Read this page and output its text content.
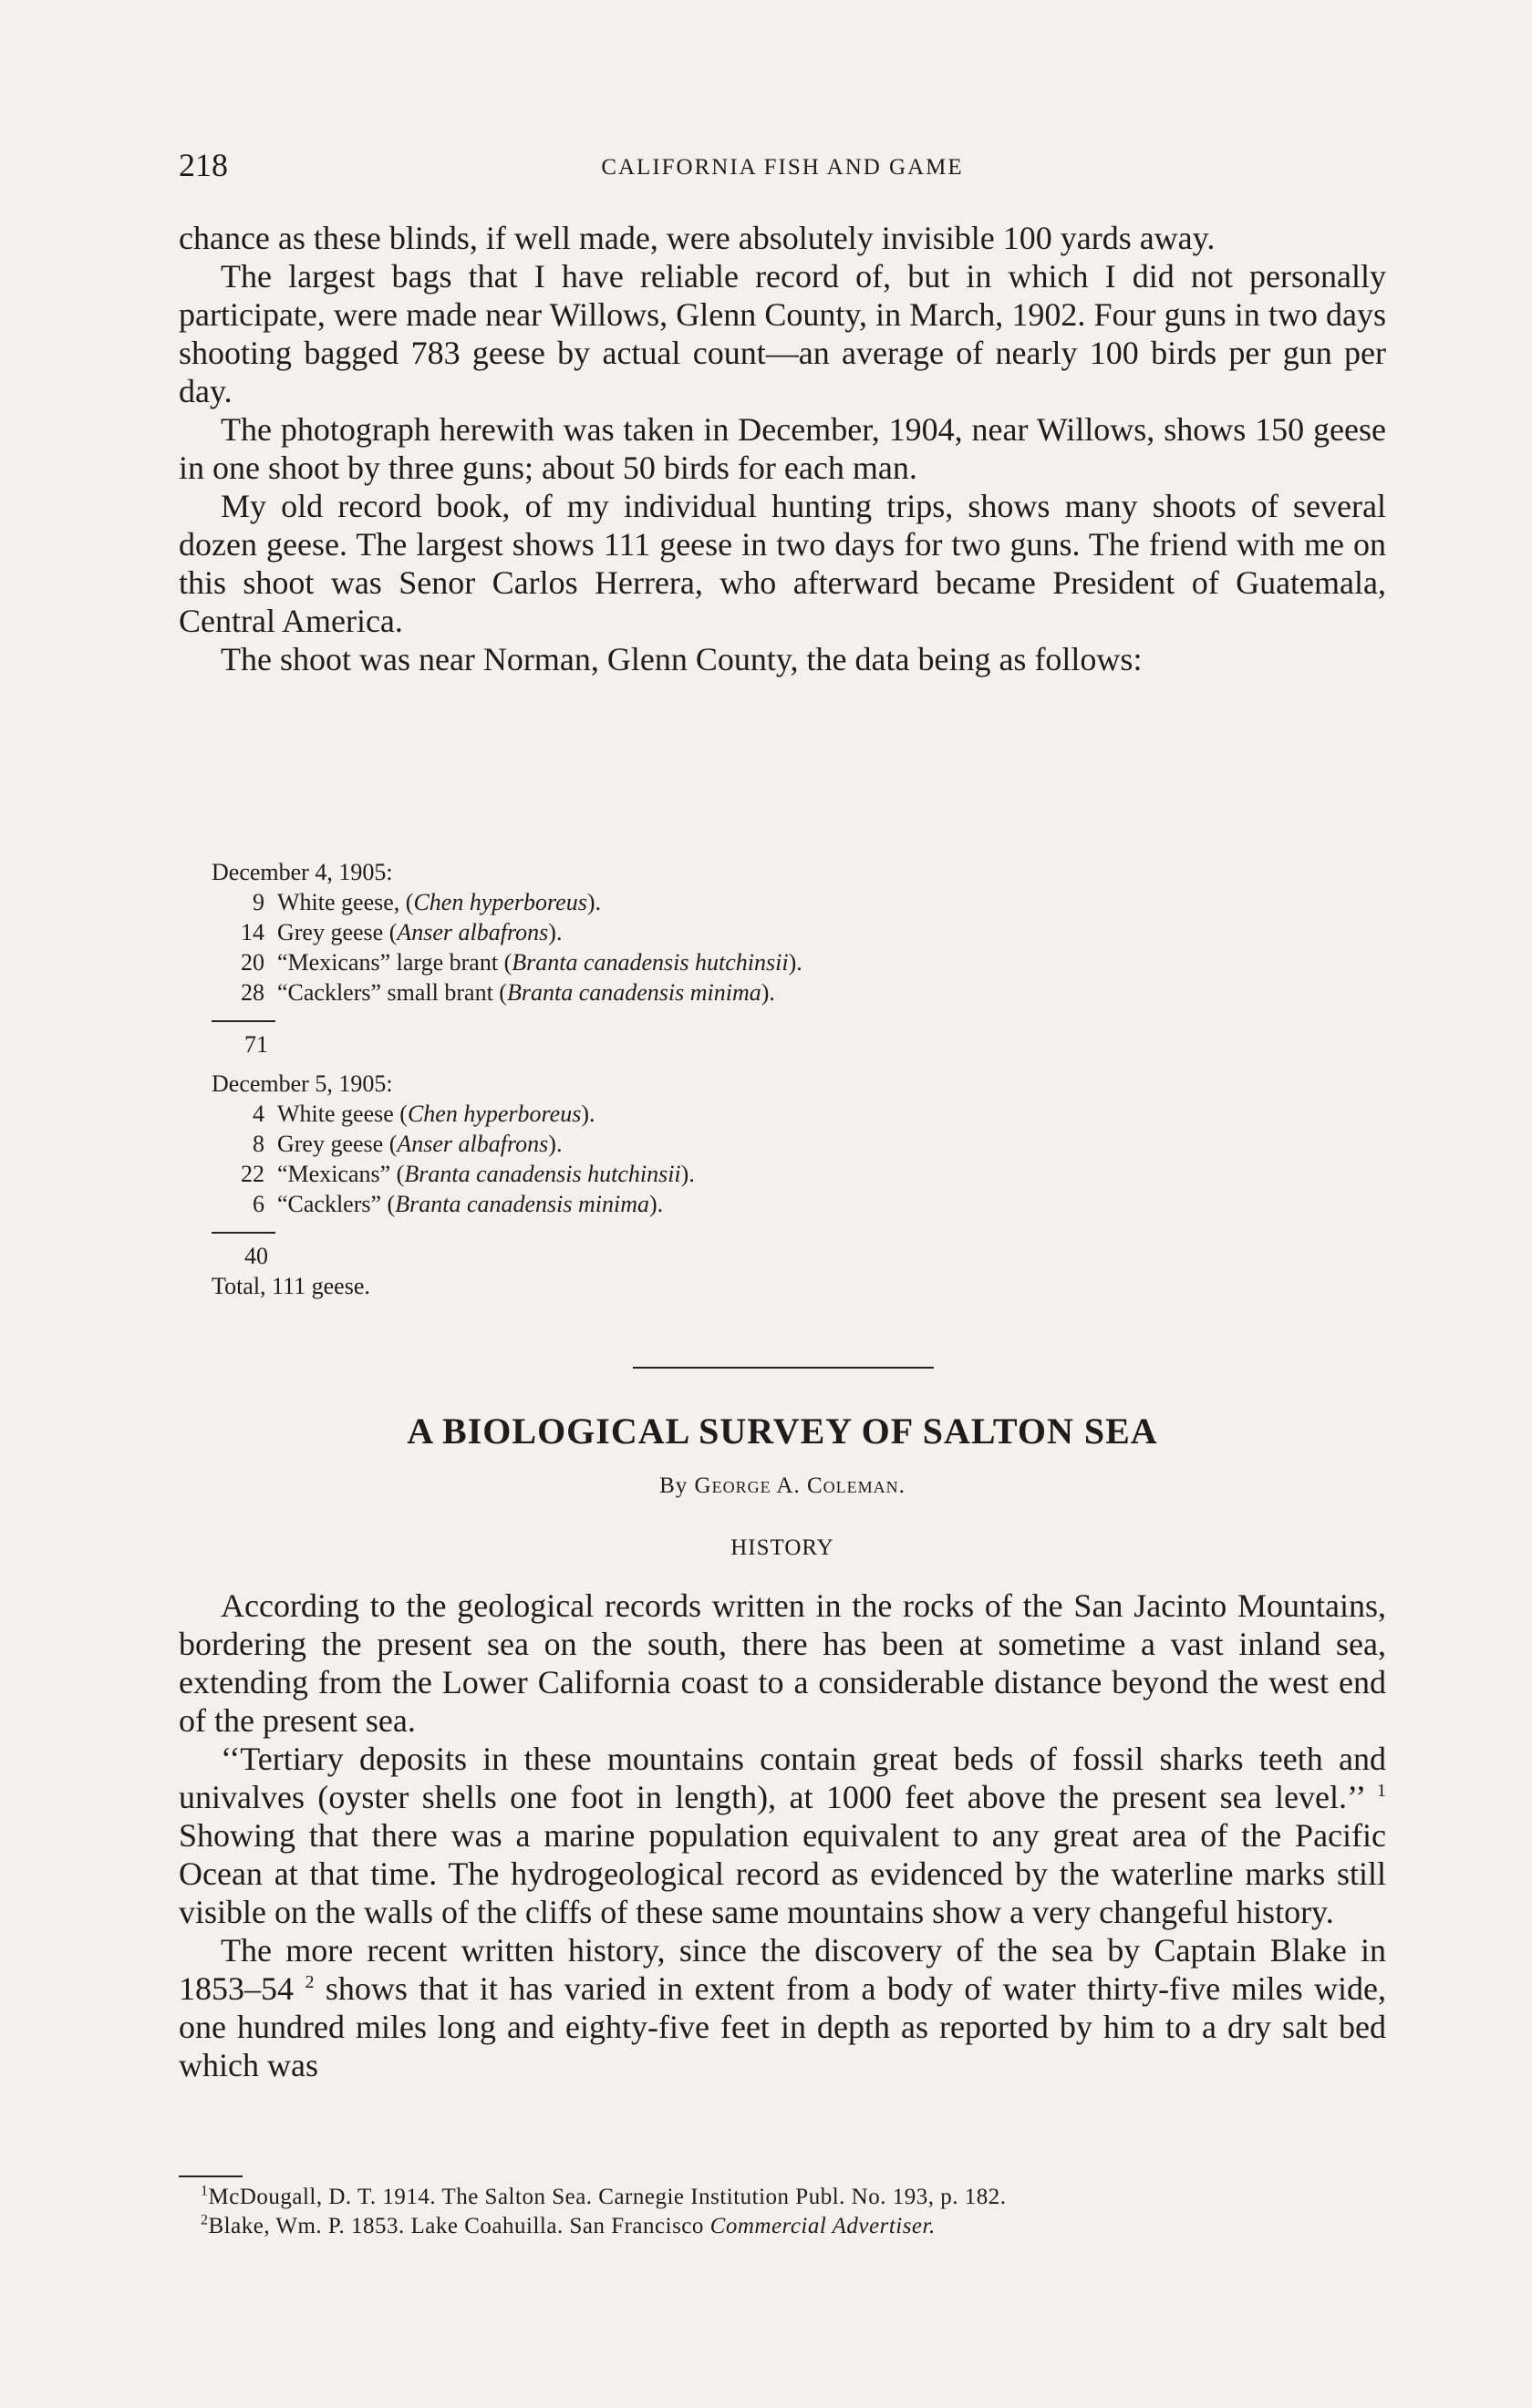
218	CALIFORNIA FISH AND GAME

chance as these blinds, if well made, were absolutely invisible 100 yards away.

The largest bags that I have reliable record of, but in which I did not personally participate, were made near Willows, Glenn County, in March, 1902. Four guns in two days shooting bagged 783 geese by actual count—an average of nearly 100 birds per gun per day.

The photograph herewith was taken in December, 1904, near Willows, shows 150 geese in one shoot by three guns; about 50 birds for each man.

My old record book, of my individual hunting trips, shows many shoots of several dozen geese. The largest shows 111 geese in two days for two guns. The friend with me on this shoot was Senor Carlos Herrera, who afterward became President of Guatemala, Central America.

The shoot was near Norman, Glenn County, the data being as follows:

December 4, 1905:

9 White geese, (Chen hyperboreus).

14 Grey geese (Anser albafrons).

20 “Mexicans” large brant (Branta canadensis hutchinsii).

28 “Cacklers” small brant (Branta canadensis minima).

71

December 5, 1905:

4 White geese (Chen hyperboreus).

8 Grey geese (Anser albafrons).

22 “Mexicans” (Branta canadensis hutchinsii).

6 “Cacklers” (Branta canadensis minima).

40

Total, 111 geese.

A BIOLOGICAL SURVEY OF SALTON SEA
By George A. Coleman.
HISTORY

According to the geological records written in the rocks of the San Jacinto Mountains, bordering the present sea on the south, there has been at sometime a vast inland sea, extending from the Lower California coast to a considerable distance beyond the west end of the present sea.

‘‘Tertiary deposits in these mountains contain great beds of fossil sharks teeth and univalves (oyster shells one foot in length), at 1000 feet above the present sea level.’’ $^1$ Showing that there was a marine population equivalent to any great area of the Pacific Ocean at that time. The hydrogeological record as evidenced by the waterline marks still visible on the walls of the cliffs of these same mountains show a very changeful history.

The more recent written history, since the discovery of the sea by Captain Blake in 1853–54 $^2$ shows that it has varied in extent from a body of water thirty-five miles wide, one hundred miles long and eighty-five feet in depth as reported by him to a dry salt bed which was

$^1$McDougall, D. T. 1914. The Salton Sea. Carnegie Institution Publ. No. 193, p. 182.

$^2$Blake, Wm. P. 1853. Lake Coahuilla. San Francisco Commercial Advertiser.
